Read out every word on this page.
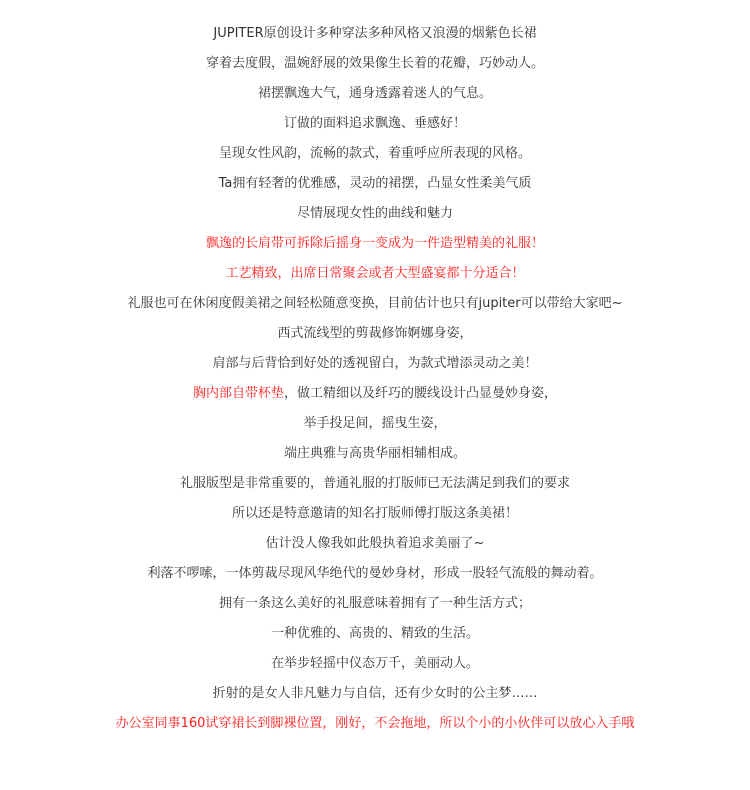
JUPITER原创设计多种穿法多种风格又浪漫的烟紫色长裙
穿着去度假，温婉舒展的效果像生长着的花瓣，巧妙动人。
裙摆飘逸大气，通身透露着迷人的气息。
订做的面料追求飘逸、垂感好！
呈现女性风韵，流畅的款式，着重呼应所表现的风格。
Ta拥有轻奢的优雅感，灵动的裙摆，凸显女性柔美气质
尽情展现女性的曲线和魅力
飘逸的长肩带可拆除后摇身一变成为一件造型精美的礼服！
工艺精致，出席日常聚会或者大型盛宴都十分适合！
礼服也可在休闲度假美裙之间轻松随意变换，目前估计也只有jupiter可以带给大家吧~
西式流线型的剪裁修饰婀娜身姿，
肩部与后背恰到好处的透视留白，为款式增添灵动之美！
胸内部自带杯垫，做工精细以及纤巧的腰线设计凸显曼妙身姿，
举手投足间，摇曳生姿，
端庄典雅与高贵华丽相辅相成。
礼服版型是非常重要的，普通礼服的打版师已无法满足到我们的要求
所以还是特意邀请的知名打版师傅打版这条美裙！
估计没人像我如此般执着追求美丽了~
利落不啰嗦，一体剪裁尽现风华绝代的曼妙身材，形成一股轻气流般的舞动着。
拥有一条这么美好的礼服意味着拥有了一种生活方式；
一种优雅的、高贵的、精致的生活。
在举步轻摇中仪态万千，美丽动人。
折射的是女人非凡魅力与自信，还有少女时的公主梦……
办公室同事160试穿裙长到脚裸位置，刚好，不会拖地，所以个小的小伙伴可以放心入手哦
